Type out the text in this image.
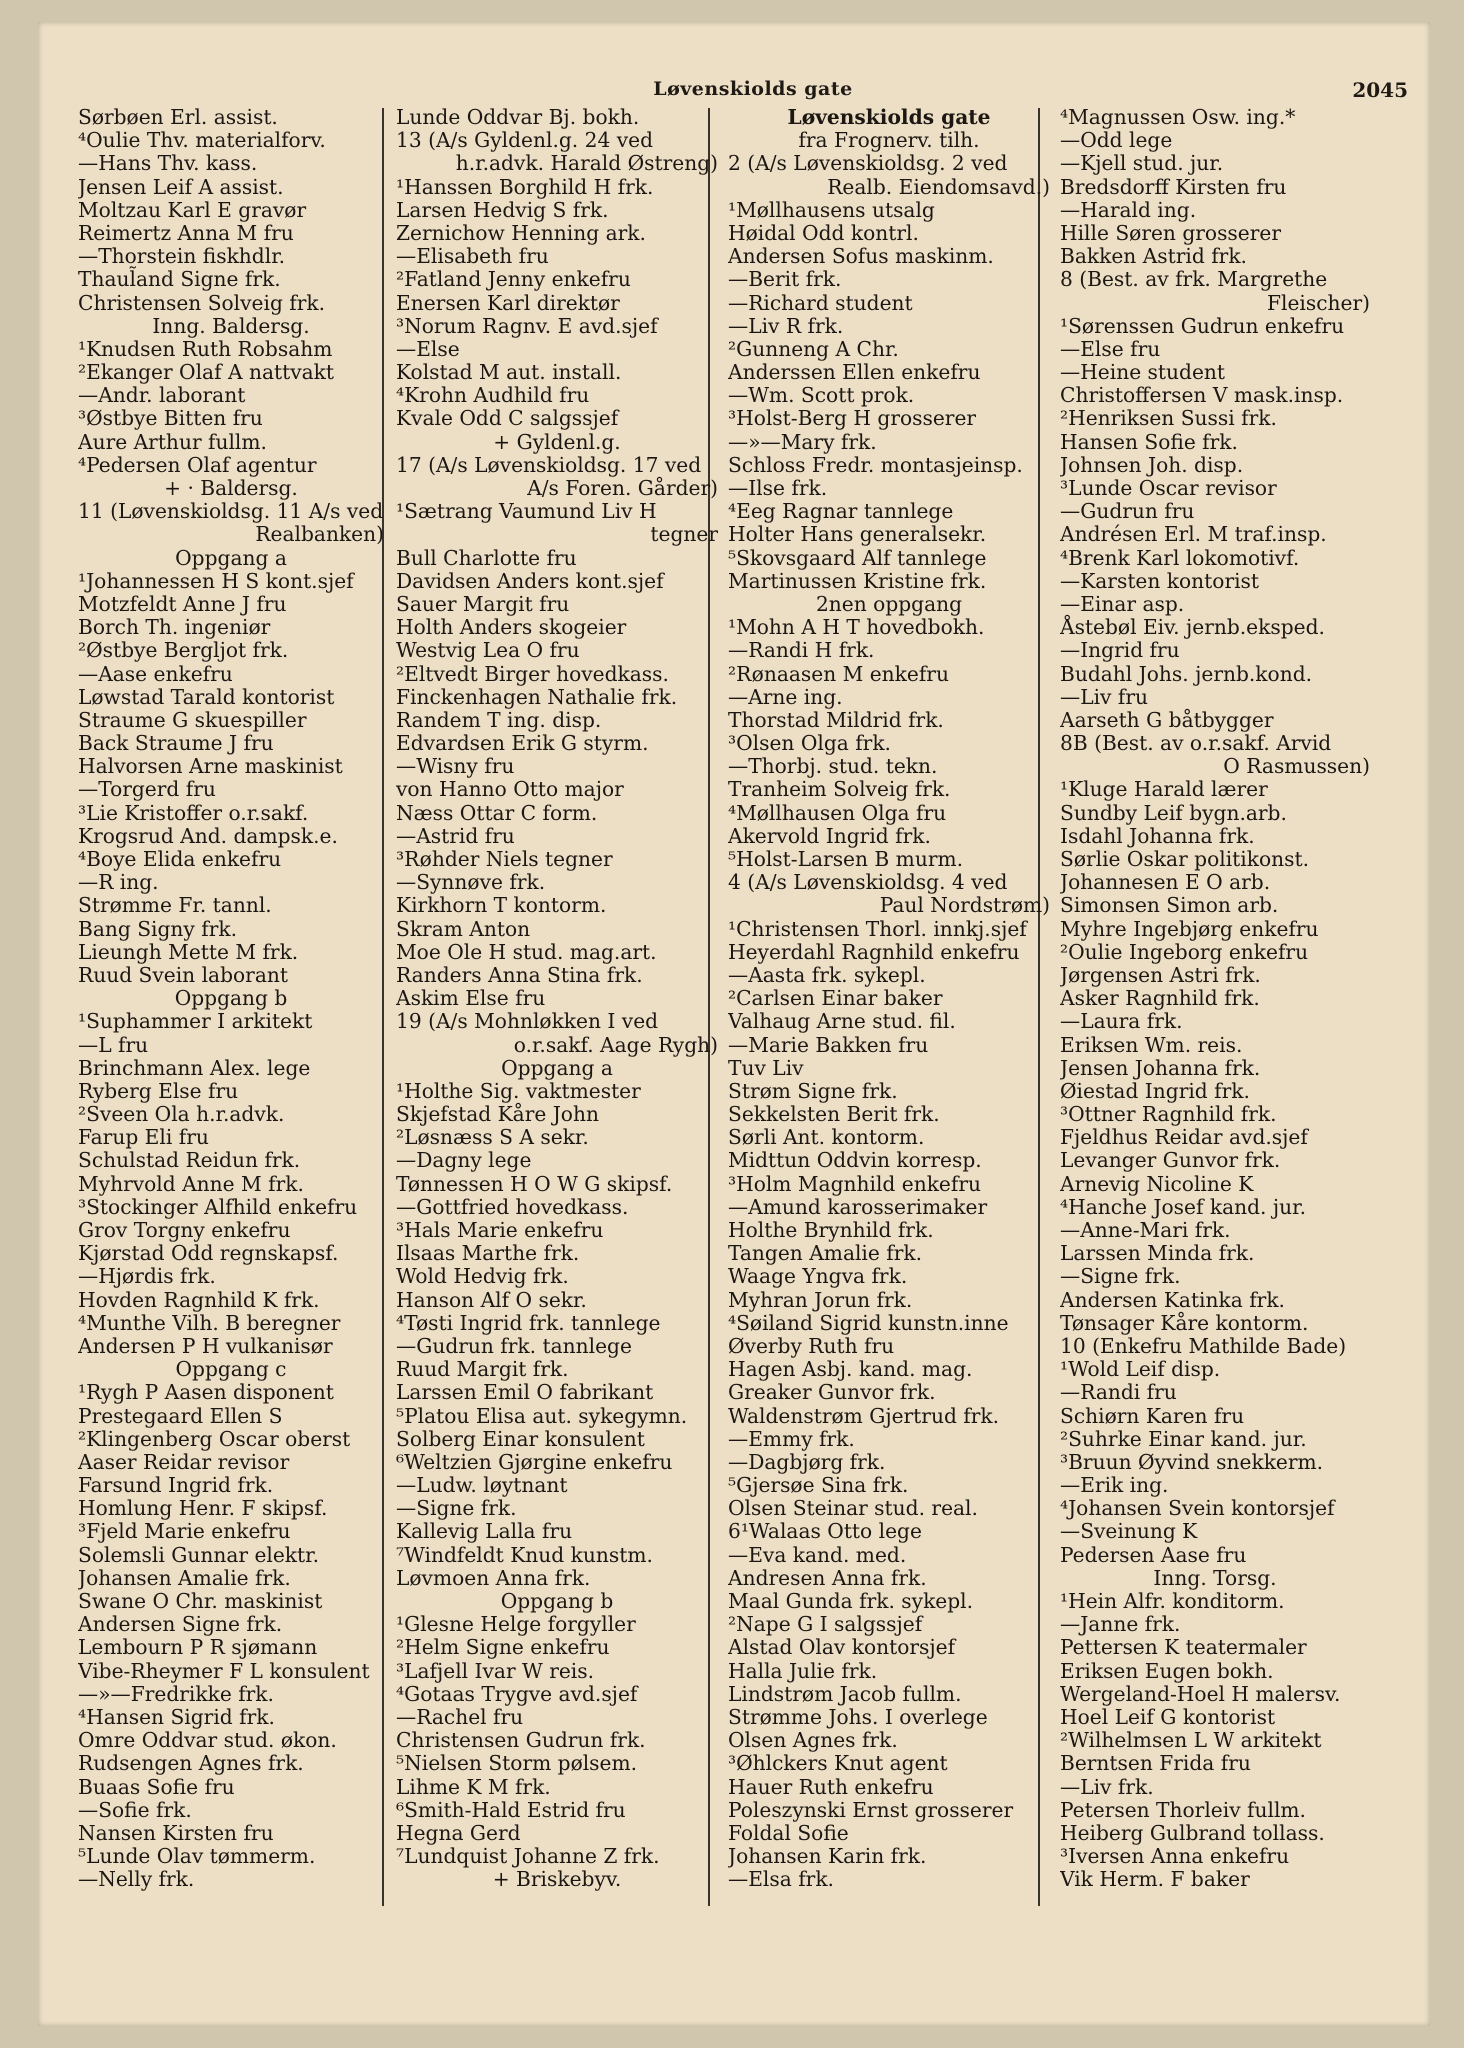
Løvenskiolds gate	2045
Sørbøen Erl. assist.
⁴Oulie Thv. materialforv.
—Hans Thv. kass.
Jensen Leif A assist.
Moltzau Karl E gravør
Reimertz Anna M fru
—Thorstein fiskhdlr.
Thaul̃and Signe frk.
Christensen Solveig frk.
Inng. Baldersg.
¹Knudsen Ruth Robsahm
²Ekanger Olaf A nattvakt
—Andr. laborant
³Østbye Bitten fru
Aure Arthur fullm.
⁴Pedersen Olaf agentur
+ · Baldersg.
11 (Løvenskioldsg. 11 A/s ved
Realbanken)
Oppgang a
¹Johannessen H S kont.sjef
Motzfeldt Anne J fru
Borch Th. ingeniør
²Østbye Bergljot frk.
—Aase enkefru
Løwstad Tarald kontorist
Straume G skuespiller
Back Straume J fru
Halvorsen Arne maskinist
—Torgerd fru
³Lie Kristoffer o.r.sakf.
Krogsrud And. dampsk.e.
⁴Boye Elida enkefru
—R ing.
Strømme Fr. tannl.
Bang Signy frk.
Lieungh Mette M frk.
Ruud Svein laborant
Oppgang b
¹Suphammer I arkitekt
—L fru
Brinchmann Alex. lege
Ryberg Else fru
²Sveen Ola h.r.advk.
Farup Eli fru
Schulstad Reidun frk.
Myhrvold Anne M frk.
³Stockinger Alfhild enkefru
Grov Torgny enkefru
Kjørstad Odd regnskapsf.
—Hjørdis frk.
Hovden Ragnhild K frk.
⁴Munthe Vilh. B beregner
Andersen P H vulkanisør
Oppgang c
¹Rygh P Aasen disponent
Prestegaard Ellen S
²Klingenberg Oscar oberst
Aaser Reidar revisor
Farsund Ingrid frk.
Homlung Henr. F skipsf.
³Fjeld Marie enkefru
Solemsli Gunnar elektr.
Johansen Amalie frk.
Swane O Chr. maskinist
Andersen Signe frk.
Lembourn P R sjømann
Vibe-Rheymer F L konsulent
—»—Fredrikke frk.
⁴Hansen Sigrid frk.
Omre Oddvar stud. økon.
Rudsengen Agnes frk.
Buaas Sofie fru
—Sofie frk.
Nansen Kirsten fru
⁵Lunde Olav tømmerm.
—Nelly frk.
Lunde Oddvar Bj. bokh.
13 (A/s Gyldenl.g. 24 ved
h.r.advk. Harald Østreng)
¹Hanssen Borghild H frk.
Larsen Hedvig S frk.
Zernichow Henning ark.
—Elisabeth fru
²Fatland Jenny enkefru
Enersen Karl direktør
³Norum Ragnv. E avd.sjef
—Else
Kolstad M aut. install.
⁴Krohn Audhild fru
Kvale Odd C salgssjef
+ Gyldenl.g.
17 (A/s Løvenskioldsg. 17 ved
A/s Foren. Gårder)
¹Sætrang Vaumund Liv H
tegner
Bull Charlotte fru
Davidsen Anders kont.sjef
Sauer Margit fru
Holth Anders skogeier
Westvig Lea O fru
²Eltvedt Birger hovedkass.
Finckenhagen Nathalie frk.
Randem T ing. disp.
Edvardsen Erik G styrm.
—Wisny fru
von Hanno Otto major
Næss Ottar C form.
—Astrid fru
³Røhder Niels tegner
—Synnøve frk.
Kirkhorn T kontorm.
Skram Anton
Moe Ole H stud. mag.art.
Randers Anna Stina frk.
Askim Else fru
19 (A/s Mohnløkken I ved
o.r.sakf. Aage Rygh)
Oppgang a
¹Holthe Sig. vaktmester
Skjefstad Kåre John
²Løsnæss S A sekr.
—Dagny lege
Tønnessen H O W G skipsf.
—Gottfried hovedkass.
³Hals Marie enkefru
Ilsaas Marthe frk.
Wold Hedvig frk.
Hanson Alf O sekr.
⁴Tøsti Ingrid frk. tannlege
—Gudrun frk. tannlege
Ruud Margit frk.
Larssen Emil O fabrikant
⁵Platou Elisa aut. sykegymn.
Solberg Einar konsulent
⁶Weltzien Gjørgine enkefru
—Ludw. løytnant
—Signe frk.
Kallevig Lalla fru
⁷Windfeldt Knud kunstm.
Løvmoen Anna frk.
Oppgang b
¹Glesne Helge forgyller
²Helm Signe enkefru
³Lafjell Ivar W reis.
⁴Gotaas Trygve avd.sjef
—Rachel fru
Christensen Gudrun frk.
⁵Nielsen Storm pølsem.
Lihme K M frk.
⁶Smith-Hald Estrid fru
Hegna Gerd
⁷Lundquist Johanne Z frk.
+ Briskebyv.
Løvenskiolds gate
fra Frognerv. tilh.
2 (A/s Løvenskioldsg. 2 ved
Realb. Eiendomsavd.)
¹Møllhausens utsalg
Høidal Odd kontrl.
Andersen Sofus maskinm.
—Berit frk.
—Richard student
—Liv R frk.
²Gunneng A Chr.
Anderssen Ellen enkefru
—Wm. Scott prok.
³Holst-Berg H grosserer
—»—Mary frk.
Schloss Fredr. montasjeinsp.
—Ilse frk.
⁴Eeg Ragnar tannlege
Holter Hans generalsekr.
⁵Skovsgaard Alf tannlege
Martinussen Kristine frk.
2nen oppgang
¹Mohn A H T hovedbokh.
—Randi H frk.
²Rønaasen M enkefru
—Arne ing.
Thorstad Mildrid frk.
³Olsen Olga frk.
—Thorbj. stud. tekn.
Tranheim Solveig frk.
⁴Møllhausen Olga fru
Akervold Ingrid frk.
⁵Holst-Larsen B murm.
4 (A/s Løvenskioldsg. 4 ved
Paul Nordstrøm)
¹Christensen Thorl. innkj.sjef
Heyerdahl Ragnhild enkefru
—Aasta frk. sykepl.
²Carlsen Einar baker
Valhaug Arne stud. fil.
—Marie Bakken fru
Tuv Liv
Strøm Signe frk.
Sekkelsten Berit frk.
Sørli Ant. kontorm.
Midttun Oddvin korresp.
³Holm Magnhild enkefru
—Amund karosserimaker
Holthe Brynhild frk.
Tangen Amalie frk.
Waage Yngva frk.
Myhran Jorun frk.
⁴Søiland Sigrid kunstn.inne
Øverby Ruth fru
Hagen Asbj. kand. mag.
Greaker Gunvor frk.
Waldenstrøm Gjertrud frk.
—Emmy frk.
—Dagbjørg frk.
⁵Gjersøe Sina frk.
Olsen Steinar stud. real.
6¹Walaas Otto lege
—Eva kand. med.
Andresen Anna frk.
Maal Gunda frk. sykepl.
²Nape G I salgssjef
Alstad Olav kontorsjef
Halla Julie frk.
Lindstrøm Jacob fullm.
Strømme Johs. I overlege
Olsen Agnes frk.
³Øhlckers Knut agent
Hauer Ruth enkefru
Poleszynski Ernst grosserer
Foldal Sofie
Johansen Karin frk.
—Elsa frk.
⁴Magnussen Osw. ing.*
—Odd lege
—Kjell stud. jur.
Bredsdorff Kirsten fru
—Harald ing.
Hille Søren grosserer
Bakken Astrid frk.
8 (Best. av frk. Margrethe
Fleischer)
¹Sørenssen Gudrun enkefru
—Else fru
—Heine student
Christoffersen V mask.insp.
²Henriksen Sussi frk.
Hansen Sofie frk.
Johnsen Joh. disp.
³Lunde Oscar revisor
—Gudrun fru
Andrésen Erl. M traf.insp.
⁴Brenk Karl lokomotivf.
—Karsten kontorist
—Einar asp.
Åstebøl Eiv. jernb.eksped.
—Ingrid fru
Budahl Johs. jernb.kond.
—Liv fru
Aarseth G båtbygger
8B (Best. av o.r.sakf. Arvid
O Rasmussen)
¹Kluge Harald lærer
Sundby Leif bygn.arb.
Isdahl Johanna frk.
Sørlie Oskar politikonst.
Johannesen E O arb.
Simonsen Simon arb.
Myhre Ingebjørg enkefru
²Oulie Ingeborg enkefru
Jørgensen Astri frk.
Asker Ragnhild frk.
—Laura frk.
Eriksen Wm. reis.
Jensen Johanna frk.
Øiestad Ingrid frk.
³Ottner Ragnhild frk.
Fjeldhus Reidar avd.sjef
Levanger Gunvor frk.
Arnevig Nicoline K
⁴Hanche Josef kand. jur.
—Anne-Mari frk.
Larssen Minda frk.
—Signe frk.
Andersen Katinka frk.
Tønsager Kåre kontorm.
10 (Enkefru Mathilde Bade)
¹Wold Leif disp.
—Randi fru
Schiørn Karen fru
²Suhrke Einar kand. jur.
³Bruun Øyvind snekkerm.
—Erik ing.
⁴Johansen Svein kontorsjef
—Sveinung K
Pedersen Aase fru
Inng. Torsg.
¹Hein Alfr. konditorm.
—Janne frk.
Pettersen K teatermaler
Eriksen Eugen bokh.
Wergeland-Hoel H malersv.
Hoel Leif G kontorist
²Wilhelmsen L W arkitekt
Berntsen Frida fru
—Liv frk.
Petersen Thorleiv fullm.
Heiberg Gulbrand tollass.
³Iversen Anna enkefru
Vik Herm. F baker
